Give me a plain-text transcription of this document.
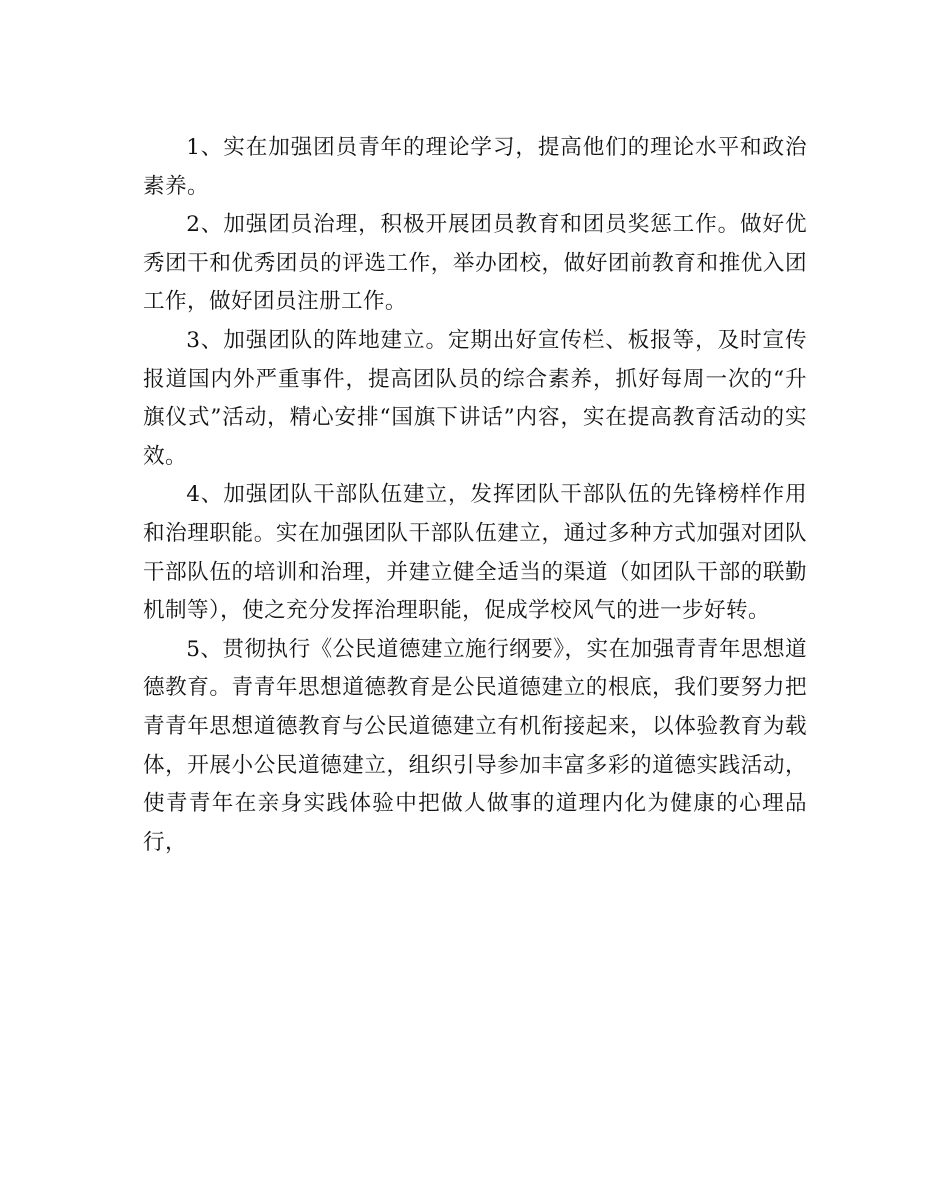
1、实在加强团员青年的理论学习，提高他们的理论水平和政治素养。

2、加强团员治理，积极开展团员教育和团员奖惩工作。做好优秀团干和优秀团员的评选工作，举办团校，做好团前教育和推优入团工作，做好团员注册工作。

3、加强团队的阵地建立。定期出好宣传栏、板报等，及时宣传报道国内外严重事件，提高团队员的综合素养，抓好每周一次的“升旗仪式”活动，精心安排“国旗下讲话”内容，实在提高教育活动的实效。

4、加强团队干部队伍建立，发挥团队干部队伍的先锋榜样作用和治理职能。实在加强团队干部队伍建立，通过多种方式加强对团队干部队伍的培训和治理，并建立健全适当的渠道（如团队干部的联勤机制等），使之充分发挥治理职能，促成学校风气的进一步好转。

5、贯彻执行《公民道德建立施行纲要》，实在加强青青年思想道德教育。青青年思想道德教育是公民道德建立的根底，我们要努力把青青年思想道德教育与公民道德建立有机衔接起来，以体验教育为载体，开展小公民道德建立，组织引导参加丰富多彩的道德实践活动，使青青年在亲身实践体验中把做人做事的道理内化为健康的心理品行，
